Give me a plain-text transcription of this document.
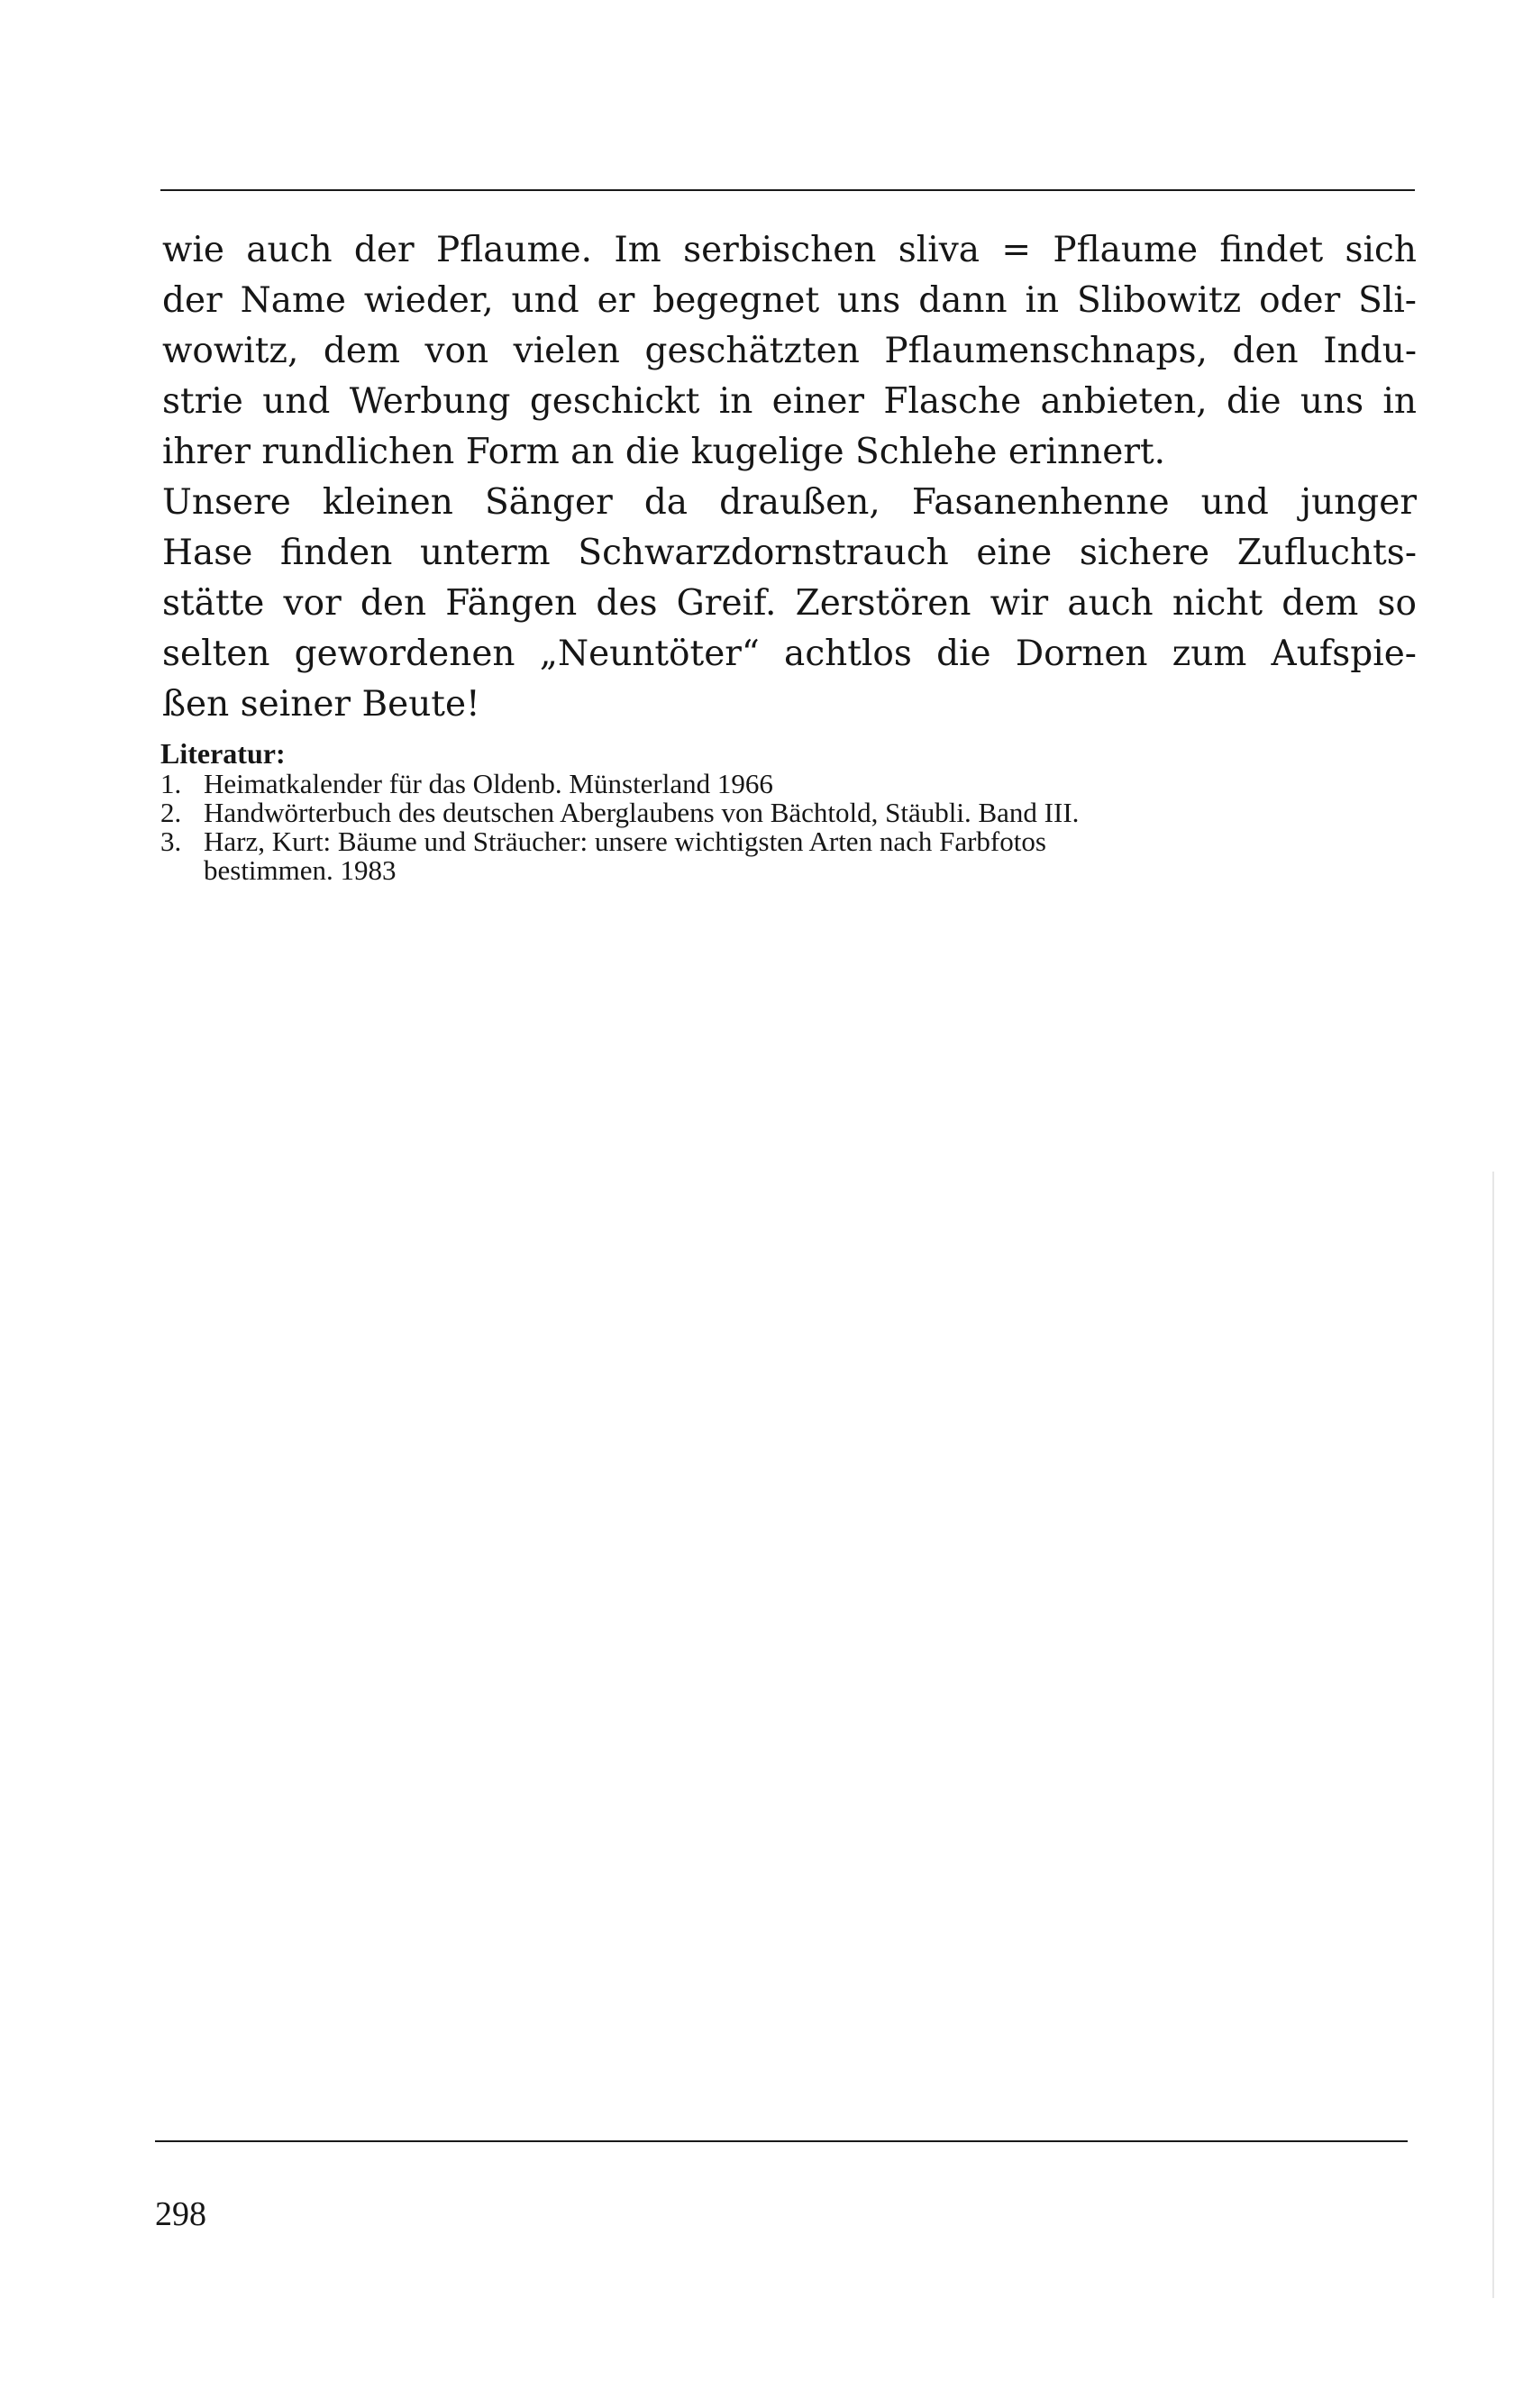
wie auch der Pflaume. Im serbischen sliva = Pflaume findet sich
der Name wieder, und er begegnet uns dann in Slibowitz oder Sli-
wowitz, dem von vielen geschätzten Pflaumenschnaps, den Indu-
strie und Werbung geschickt in einer Flasche anbieten, die uns in
ihrer rundlichen Form an die kugelige Schlehe erinnert.
Unsere kleinen Sänger da draußen, Fasanenhenne und junger
Hase finden unterm Schwarzdornstrauch eine sichere Zufluchts-
stätte vor den Fängen des Greif. Zerstören wir auch nicht dem so
selten gewordenen „Neuntöter“ achtlos die Dornen zum Aufspie-
ßen seiner Beute!
Literatur:
1. Heimatkalender für das Oldenb. Münsterland 1966
2. Handwörterbuch des deutschen Aberglaubens von Bächtold, Stäubli. Band III.
3. Harz, Kurt: Bäume und Sträucher: unsere wichtigsten Arten nach Farbfotos
bestimmen. 1983
298
